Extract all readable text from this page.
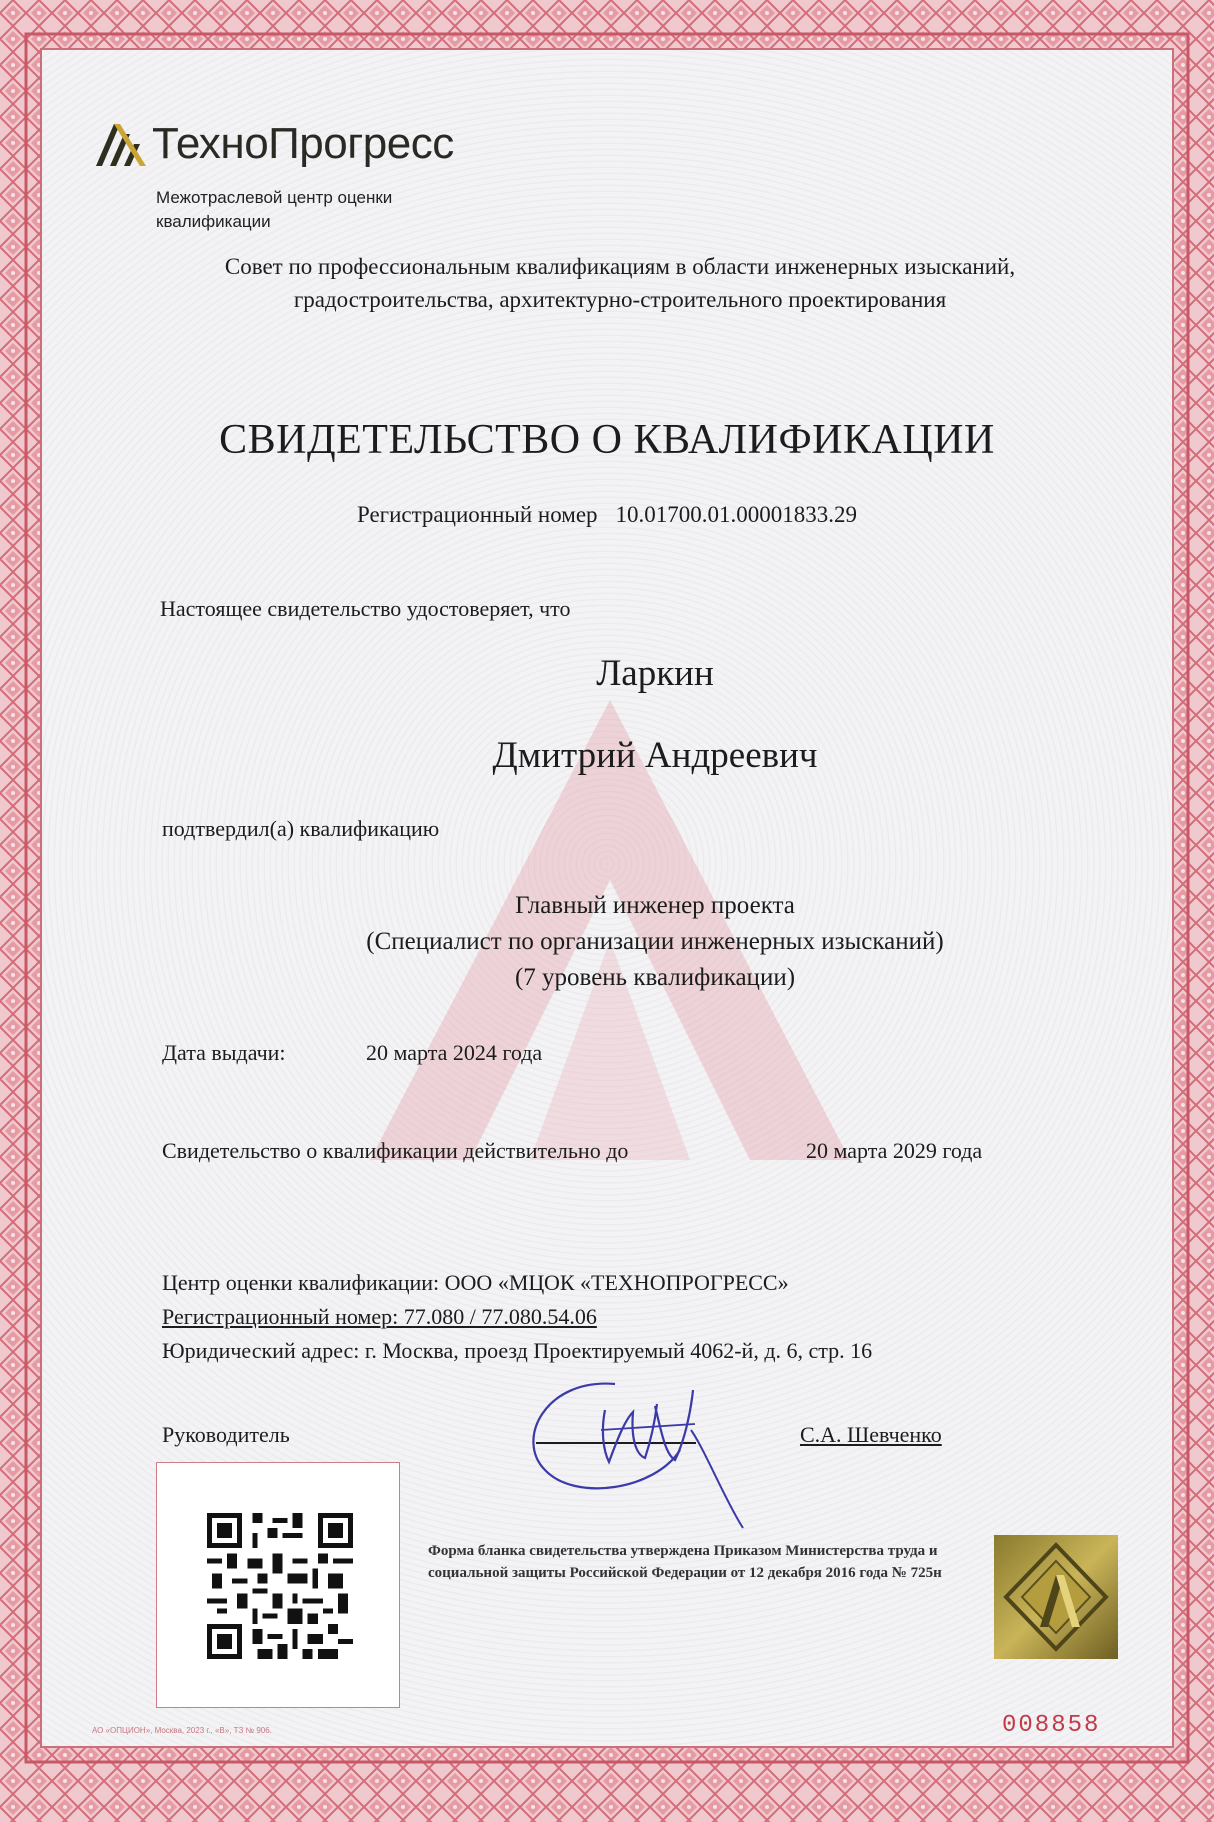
ТехноПрогресс
Межотраслевой центр оценки квалификации
Совет по профессиональным квалификациям в области инженерных изысканий,
градостроительства, архитектурно-строительного проектирования
СВИДЕТЕЛЬСТВО О КВАЛИФИКАЦИИ
Регистрационный номер 10.01700.01.00001833.29
Настоящее свидетельство удостоверяет, что
Ларкин
Дмитрий Андреевич
подтвердил(а) квалификацию
Главный инженер проекта
(Специалист по организации инженерных изысканий)
(7 уровень квалификации)
Дата выдачи:	20 марта 2024 года
Свидетельство о квалификации действительно до	20 марта 2029 года
Центр оценки квалификации: ООО «МЦОК «ТЕХНОПРОГРЕСС»
Регистрационный номер: 77.080 / 77.080.54.06
Юридический адрес: г. Москва, проезд Проектируемый 4062-й, д. 6, стр. 16
Руководитель	С.А. Шевченко
Форма бланка свидетельства утверждена Приказом Министерства труда и социальной защиты Российской Федерации от 12 декабря 2016 года № 725н
АО «ОПЦИОН», Москва, 2023 г., «В», ТЗ № 906.	008858
